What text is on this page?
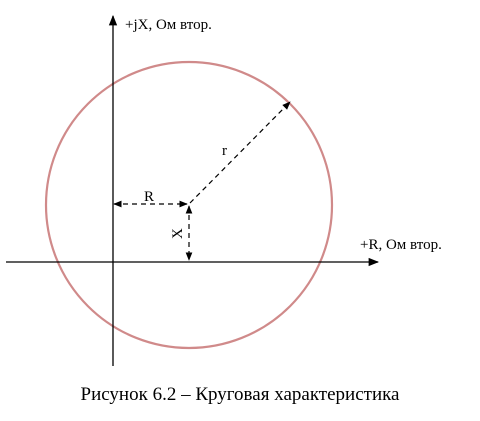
+jX, Ом втор.
+R, Ом втор.
R
X
r
Рисунок 6.2 – Круговая характеристика
